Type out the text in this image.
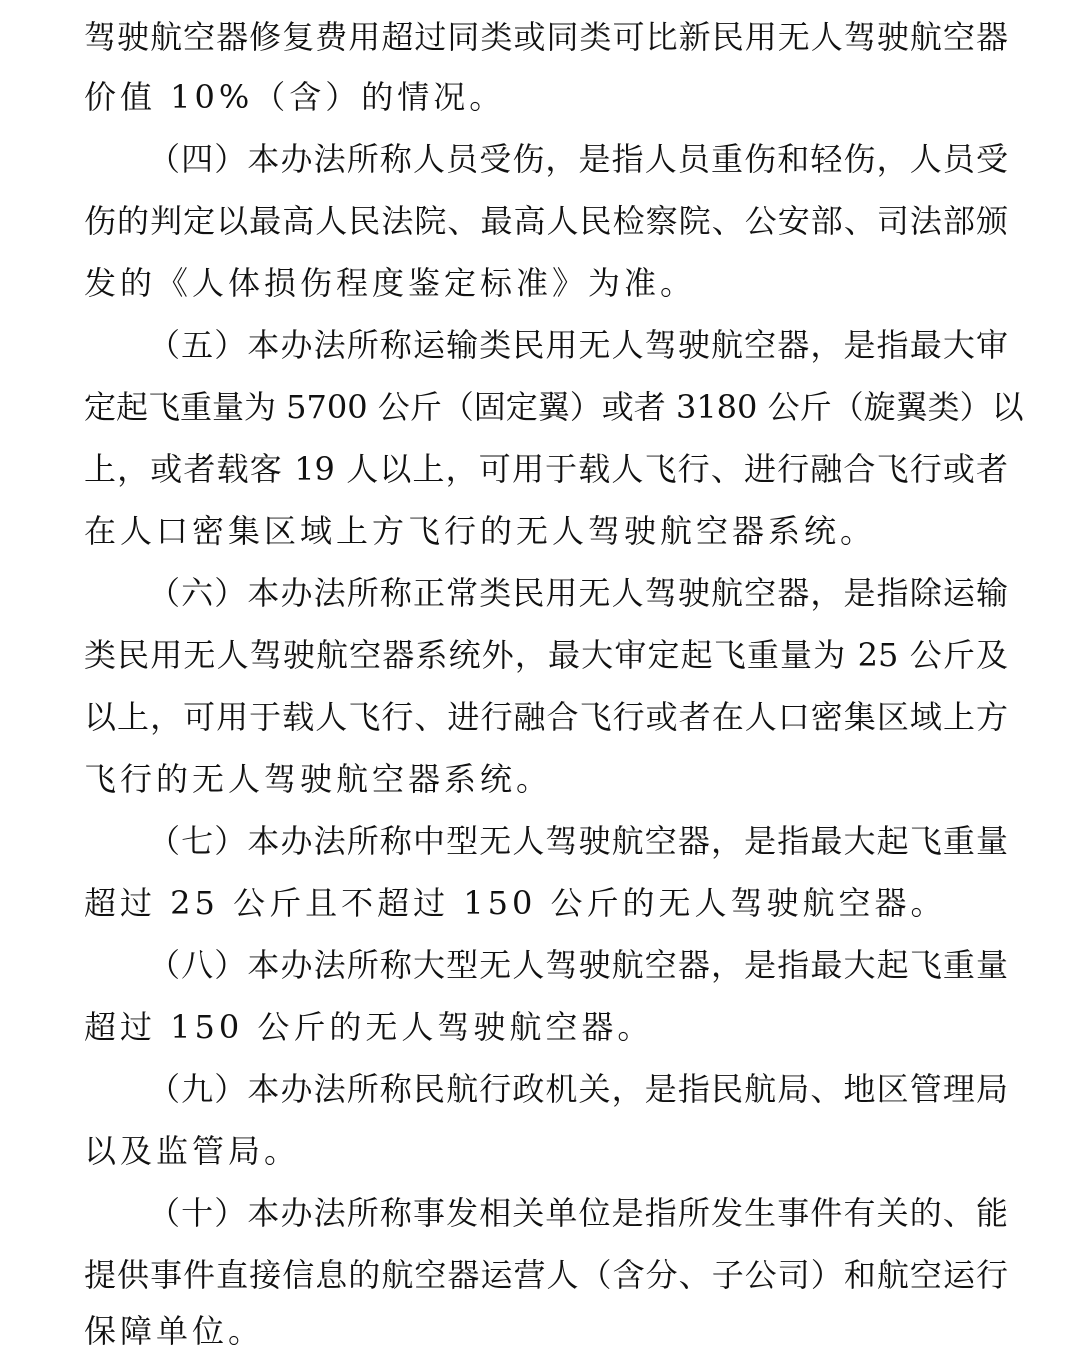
驾驶航空器修复费用超过同类或同类可比新民用无人驾驶航空器
价值 10%（含）的情况。
（四）本办法所称人员受伤，是指人员重伤和轻伤，人员受
伤的判定以最高人民法院、最高人民检察院、公安部、司法部颁
发的《人体损伤程度鉴定标准》为准。
（五）本办法所称运输类民用无人驾驶航空器，是指最大审
定起飞重量为 5700 公斤（固定翼）或者 3180 公斤（旋翼类）以
上，或者载客 19 人以上，可用于载人飞行、进行融合飞行或者
在人口密集区域上方飞行的无人驾驶航空器系统。
（六）本办法所称正常类民用无人驾驶航空器，是指除运输
类民用无人驾驶航空器系统外，最大审定起飞重量为 25 公斤及
以上，可用于载人飞行、进行融合飞行或者在人口密集区域上方
飞行的无人驾驶航空器系统。
（七）本办法所称中型无人驾驶航空器，是指最大起飞重量
超过 25 公斤且不超过 150 公斤的无人驾驶航空器。
（八）本办法所称大型无人驾驶航空器，是指最大起飞重量
超过 150 公斤的无人驾驶航空器。
（九）本办法所称民航行政机关，是指民航局、地区管理局
以及监管局。
（十）本办法所称事发相关单位是指所发生事件有关的、能
提供事件直接信息的航空器运营人（含分、子公司）和航空运行
保障单位。
